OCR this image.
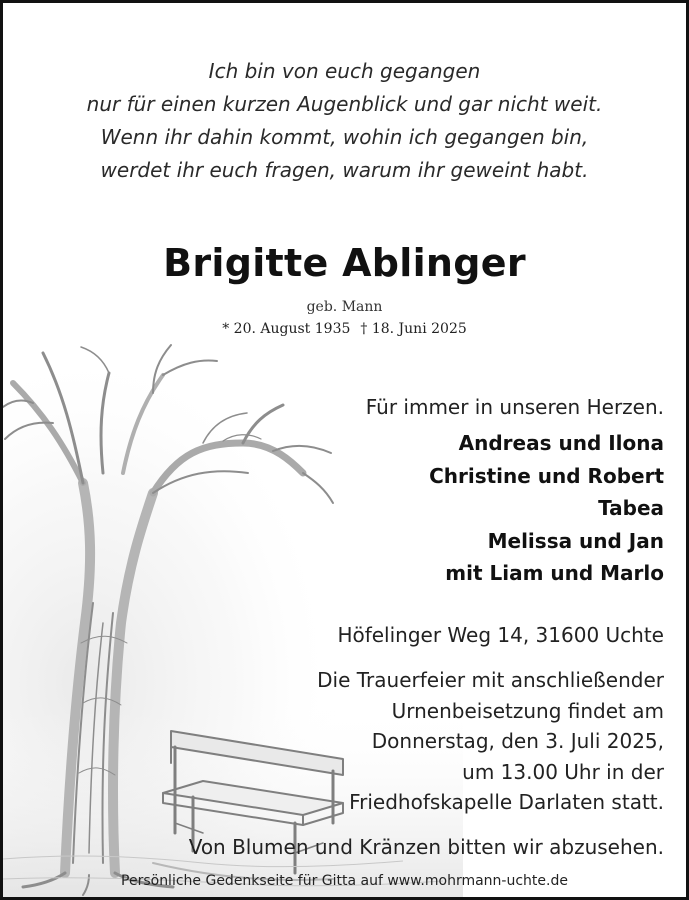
Ich bin von euch gegangen
nur für einen kurzen Augenblick und gar nicht weit.
Wenn ihr dahin kommt, wohin ich gegangen bin,
werdet ihr euch fragen, warum ihr geweint habt.
Brigitte Ablinger
geb. Mann
* 20. August 1935 † 18. Juni 2025
Für immer in unseren Herzen.
Andreas und Ilona
Christine und Robert
Tabea
Melissa und Jan
mit Liam und Marlo
Höfelinger Weg 14, 31600 Uchte
Die Trauerfeier mit anschließender
Urnenbeisetzung findet am
Donnerstag, den 3. Juli 2025,
um 13.00 Uhr in der
Friedhofskapelle Darlaten statt.
Von Blumen und Kränzen bitten wir abzusehen.
Persönliche Gedenkseite für Gitta auf www.mohrmann-uchte.de
